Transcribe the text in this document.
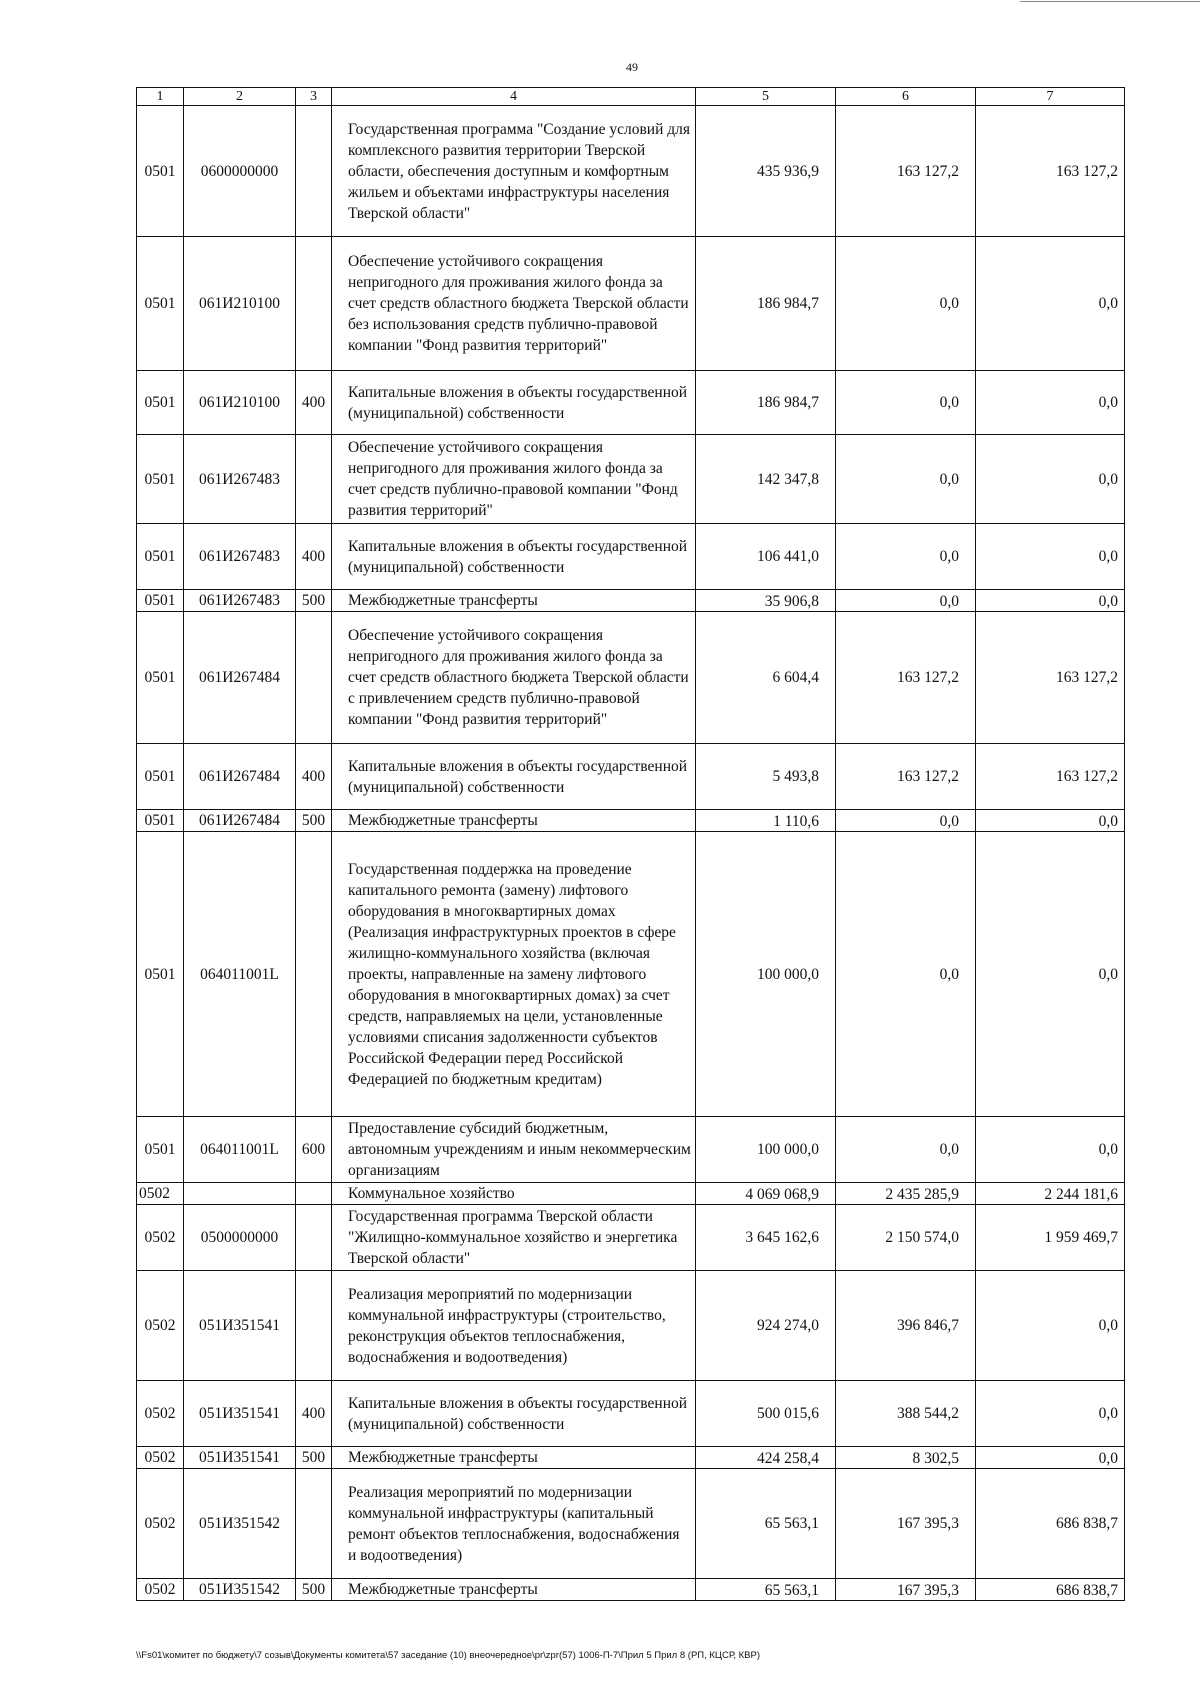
49
1	2	3	4	5	6	7
0501	0600000000		Государственная программа "Создание условий для комплексного развития территории Тверской области, обеспечения доступным и комфортным жильем и объектами инфраструктуры населения Тверской области"	435 936,9	163 127,2	163 127,2
0501	061И210100		Обеспечение устойчивого сокращения непригодного для проживания жилого фонда за счет средств областного бюджета Тверской области без использования средств публично-правовой компании "Фонд развития территорий"	186 984,7	0,0	0,0
0501	061И210100	400	Капитальные вложения в объекты государственной (муниципальной) собственности	186 984,7	0,0	0,0
0501	061И267483		Обеспечение устойчивого сокращения непригодного для проживания жилого фонда за счет средств публично-правовой компании "Фонд развития территорий"	142 347,8	0,0	0,0
0501	061И267483	400	Капитальные вложения в объекты государственной (муниципальной) собственности	106 441,0	0,0	0,0
0501	061И267483	500	Межбюджетные трансферты	35 906,8	0,0	0,0
0501	061И267484		Обеспечение устойчивого сокращения непригодного для проживания жилого фонда за счет средств областного бюджета Тверской области с привлечением средств публично-правовой компании "Фонд развития территорий"	6 604,4	163 127,2	163 127,2
0501	061И267484	400	Капитальные вложения в объекты государственной (муниципальной) собственности	5 493,8	163 127,2	163 127,2
0501	061И267484	500	Межбюджетные трансферты	1 110,6	0,0	0,0
0501	064011001L		Государственная поддержка на проведение капитального ремонта (замену) лифтового оборудования в многоквартирных домах (Реализация инфраструктурных проектов в сфере жилищно-коммунального хозяйства (включая проекты, направленные на замену лифтового оборудования в многоквартирных домах) за счет средств, направляемых на цели, установленные условиями списания задолженности субъектов Российской Федерации перед Российской Федерацией по бюджетным кредитам)	100 000,0	0,0	0,0
0501	064011001L	600	Предоставление субсидий бюджетным, автономным учреждениям и иным некоммерческим организациям	100 000,0	0,0	0,0
0502			Коммунальное хозяйство	4 069 068,9	2 435 285,9	2 244 181,6
0502	0500000000		Государственная программа Тверской области "Жилищно-коммунальное хозяйство и энергетика Тверской области"	3 645 162,6	2 150 574,0	1 959 469,7
0502	051И351541		Реализация мероприятий по модернизации коммунальной инфраструктуры (строительство, реконструкция объектов теплоснабжения, водоснабжения и водоотведения)	924 274,0	396 846,7	0,0
0502	051И351541	400	Капитальные вложения в объекты государственной (муниципальной) собственности	500 015,6	388 544,2	0,0
0502	051И351541	500	Межбюджетные трансферты	424 258,4	8 302,5	0,0
0502	051И351542		Реализация мероприятий по модернизации коммунальной инфраструктуры (капитальный ремонт объектов теплоснабжения, водоснабжения и водоотведения)	65 563,1	167 395,3	686 838,7
0502	051И351542	500	Межбюджетные трансферты	65 563,1	167 395,3	686 838,7
\\Fs01\комитет по бюджету\7 созыв\Документы комитета\57 заседание (10) внеочередное\pr\zpr(57) 1006-П-7\Прил 5 Прил 8 (РП, КЦСР, КВР)
